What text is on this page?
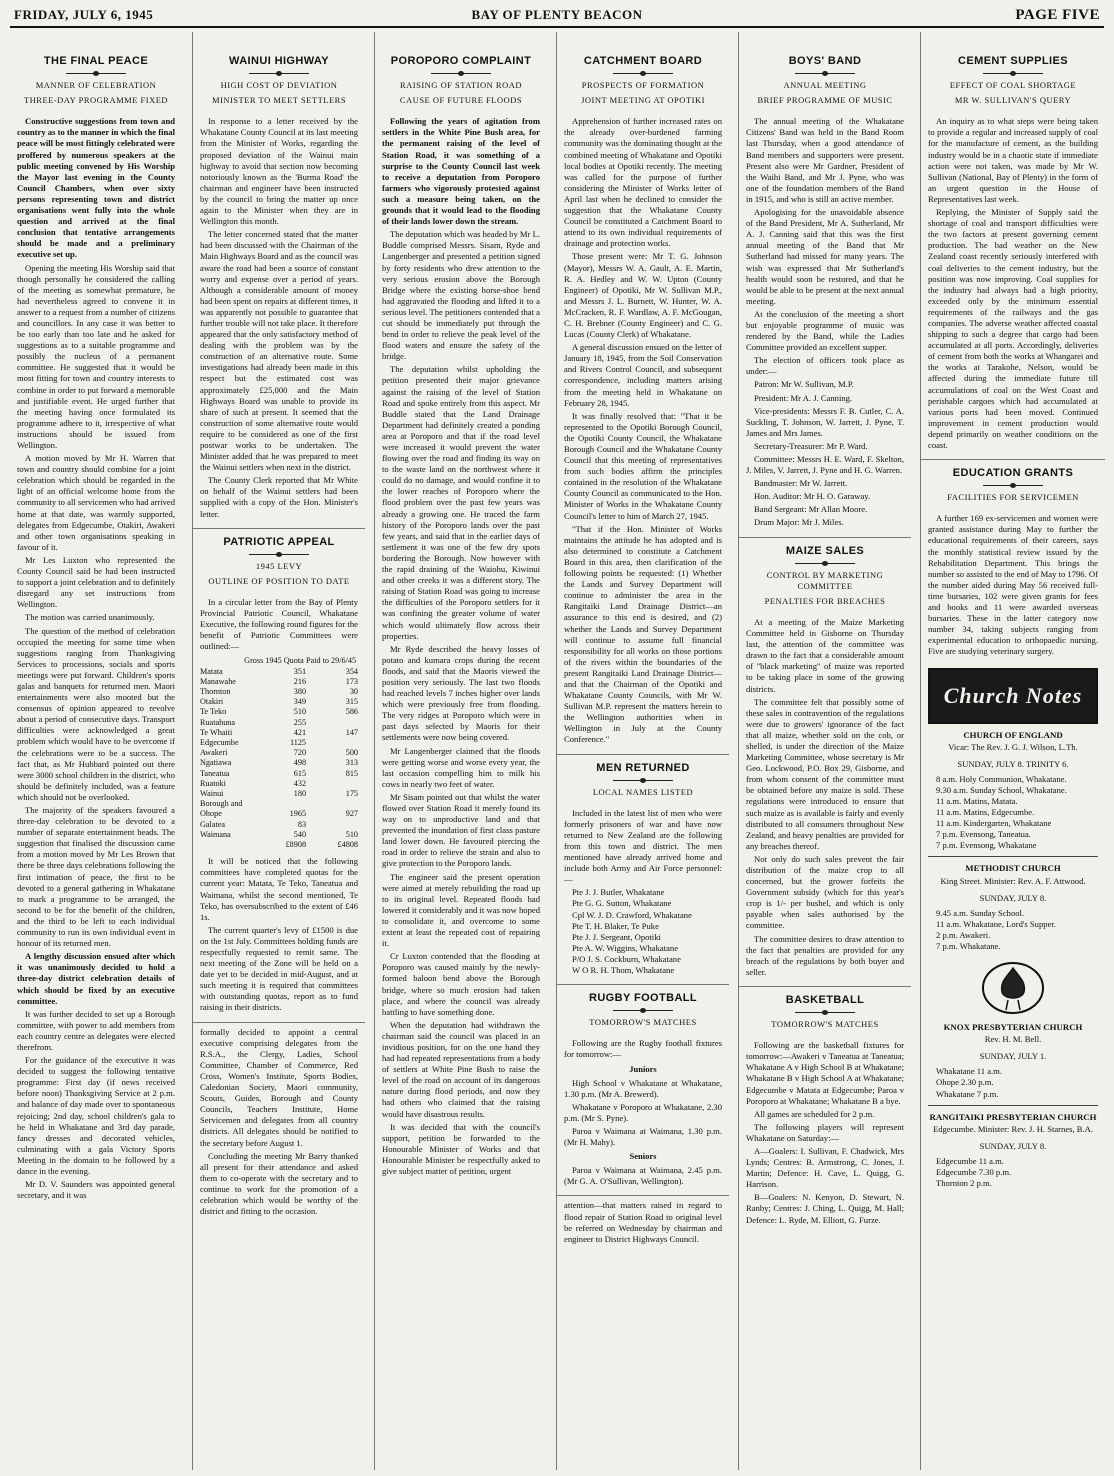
FRIDAY, JULY 6, 1945	BAY OF PLENTY BEACON	PAGE FIVE
THE FINAL PEACE
MANNER OF CELEBRATION
THREE-DAY PROGRAMME FIXED

Constructive suggestions from town and country as to the manner in which the final peace will be most fittingly celebrated were proffered by numerous speakers at the public meeting convened by His Worship the Mayor last evening in the County Council Chambers, when over sixty persons representing town and district organisations went fully into the whole question and arrived at the final conclusion that tentative arrangements should be made and a preliminary executive set up.

Opening the meeting His Worship said that though personally he considered the calling of the meeting as somewhat premature, he had nevertheless agreed to convene it in answer to a request from a number of citizens and councillors. In any case it was better to be too early than too late and he asked for suggestions as to a suitable programme and possibly the nucleus of a permanent committee. He suggested that it would be most fitting for town and country interests to combine in order to put forward a memorable and justifiable event. He urged further that the meeting having once formulated its programme adhere to it, irrespective of what instructions should be issued from Wellington.

A motion moved by Mr H. Warren that town and country should combine for a joint celebration which should be regarded in the light of an official welcome home from the community to all servicemen who had arrived home at that date, was warmly supported, delegates from Edgecumbe, Otakiri, Awakeri and other town organisations speaking in favour of it.

Mr Les Luxton who represented the County Council said he had been instructed to support a joint celebration and to definitely disregard any set instructions from Wellington.

The motion was carried unanimously.

The question of the method of celebration occupied the meeting for some time when suggestions ranging from Thanksgiving Services to processions, socials and sports meetings were put forward. Children's sports galas and banquets for returned men. Maori entertainments were also mooted but the consensus of opinion appeared to revolve about a period of consecutive days. Transport difficulties were acknowledged a great problem which would have to be overcome if the celebrations were to be a success. The fact that, as Mr Hubbard pointed out there were 3000 school children in the district, who should be definitely included, was a feature which should not be overlooked.

The majority of the speakers favoured a three-day celebration to be devoted to a number of separate entertainment heads. The suggestion that finalised the discussion came from a motion moved by Mr Les Brown that there be three days celebrations following the first intimation of peace, the first to be devoted to a general gathering in Whakatane to mark a programme to be arranged, the second to be for the benefit of the children, and the third to be left to each individual community to run its own individual event in honour of its returned men.

A lengthy discussion ensued after which it was unanimously decided to hold a three-day district celebration details of which should be fixed by an executive committee.

It was further decided to set up a Borough committee, with power to add members from each country centre as delegates were elected therefrom.

For the guidance of the executive it was decided to suggest the following tentative programme: First day (if news received before noon) Thanksgiving Service at 2 p.m. and balance of day made over to spontaneous rejoicing; 2nd day, school children's gala to be held in Whakatane and 3rd day parade, fancy dresses and decorated vehicles, culminating with a gala Victory Sports Meeting in the domain to be followed by a dance in the evening.

Mr D. V. Saunders was appointed general secretary, and it was

WAINUI HIGHWAY
HIGH COST OF DEVIATION
MINISTER TO MEET SETTLERS

In response to a letter received by the Whakatane County Council at its last meeting from the Minister of Works, regarding the proposed deviation of the Wainui main highway to avoid that section now becoming notoriously known as the 'Burma Road' the chairman and engineer have been instructed by the council to bring the matter up once again to the Minister when they are in Wellington this month.

The letter concerned stated that the matter had been discussed with the Chairman of the Main Highways Board and as the council was aware the road had been a source of constant worry and expense over a period of years. Although a considerable amount of money had been spent on repairs at different times, it was apparently not possible to guarantee that further trouble will not take place. It therefore appeared that the only satisfactory method of dealing with the problem was by the construction of an alternative route. Some investigations had already been made in this respect but the estimated cost was approximately £25,000 and the Main Highways Board was unable to provide its share of such at present. It seemed that the construction of some alternative route would require to be considered as one of the first postwar works to be undertaken. The Minister added that he was prepared to meet the Wainui settlers when next in the district.

The County Clerk reported that Mr White on behalf of the Wainui settlers had been supplied with a copy of the Hon. Minister's letter.

PATRIOTIC APPEAL
1945 LEVY
OUTLINE OF POSITION TO DATE

In a circular letter from the Bay of Plenty Provincial Patriotic Council, Whakatane Executive, the following round figures for the benefit of Patriotic Committees were outlined:—

	Gross 1945 Quota	Paid to 29/6/45
Matata	351	354
Manawahe	216	173
Thornton	380	30
Otakiri	349	315
Te Teko	510	586
Ruatahuna	255	
Te Whaiti	421	147
Edgecumbe	1125	
Awakeri	720	500
Ngatiawa	498	313
Taneatua	615	815
Ruatoki	432	
Wainui	180	175
Borough and		
Ohope	1965	927
Galatea	83	
Waimana	540	510
	£8908	£4808

It will be noticed that the following committees have completed quotas for the current year: Matata, Te Teko, Taneatua and Waimana, whilst the second mentioned, Te Teko, has oversubscribed to the extent of £46 1s.

The current quarter's levy of £1500 is due on the 1st July. Committees holding funds are respectfully requested to remit same. The next meeting of the Zone will be held on a date yet to be decided in mid-August, and at such meeting it is required that committees with outstanding quotas, report as to fund raising in their districts.

formally decided to appoint a central executive comprising delegates from the R.S.A., the Clergy, Ladies, School Committee, Chamber of Commerce, Red Cross, Women's Institute, Sports Bodies, Caledonian Society, Maori community, Scouts, Guides, Borough and County Councils, Teachers Institute, Home Servicemen and delegates from all country districts. All delegates should be notified to the secretary before August 1.

Concluding the meeting Mr Barry thanked all present for their attendance and asked them to co-operate with the secretary and to continue to work for the promotion of a celebration which would be worthy of the district and fitting to the occasion.

POROPORO COMPLAINT
RAISING OF STATION ROAD
CAUSE OF FUTURE FLOODS

Following the years of agitation from settlers in the White Pine Bush area, for the permanent raising of the level of Station Road, it was something of a surprise to the County Council last week to receive a deputation from Poroporo farmers who vigorously protested against such a measure being taken, on the grounds that it would lead to the flooding of their lands lower down the stream.

The deputation which was headed by Mr L. Buddle comprised Messrs. Sisam, Ryde and Langenberger and presented a petition signed by forty residents who drew attention to the very serious erosion above the Borough Bridge where the existing horse-shoe bend had aggravated the flooding and lifted it to a serious level. The petitioners contended that a cut should be immediately put through the bend in order to relieve the peak level of the flood waters and ensure the safety of the bridge.

The deputation whilst upholding the petition presented their major grievance against the raising of the level of Station Road and spoke entirely from this aspect. Mr Buddle stated that the Land Drainage Department had definitely created a ponding area at Poroporo and that if the road level were increased it would prevent the water flowing over the road and finding its way on to the waste land on the northwest where it could do no damage, and would confine it to the lower reaches of Poroporo where the flood problem over the past few years was already a growing one. He traced the farm history of the Poroporo lands over the past few years, and said that in the earlier days of settlement it was one of the few dry spots bordering the Borough. Now however with the rapid draining of the Waiohu, Kiwinui and other creeks it was a different story. The raising of Station Road was going to increase the difficulties of the Poroporo settlers for it was confining the greater volume of water which would ultimately flow across their properties.

Mr Ryde described the heavy losses of potato and kumara crops during the recent floods, and said that the Maoris viewed the position very seriously. The last two floods had reached levels 7 inches higher over lands which were previously free from flooding. The very ridges at Poroporo which were in past days selected by Maoris for their settlements were now being covered.

Mr Langenberger claimed that the floods were getting worse and worse every year, the last occasion compelling him to milk his cows in nearly two feet of water.

Mr Sisam pointed out that whilst the water flowed over Station Road it merely found its way on to unproductive land and that prevented the inundation of first class pasture land lower down. He favoured piercing the road in order to relieve the strain and also to give protection to the Poroporo lands.

The engineer said the present operation were aimed at merely rebuilding the road up to its original level. Repeated floods had lowered it considerably and it was now hoped to consolidate it, and overcome to some extent at least the repeated cost of repairing it.

Cr Luxton contended that the flooding at Poroporo was caused mainly by the newly-formed baloon bend above the Borough bridge, where so much erosion had taken place, and where the council was already battling to have something done.

When the deputation had withdrawn the chairman said the council was placed in an invidious position, for on the one hand they had had repeated representations from a body of settlers at White Pine Bush to raise the level of the road on account of its dangerous nature during flood periods, and now they had others who claimed that the raising would have disastrous results.

It was decided that with the council's support, petition be forwarded to the Honourable Minister of Works and that Honourable Minister be respectfully asked to give subject matter of petition, urgent

CATCHMENT BOARD
PROSPECTS OF FORMATION
JOINT MEETING AT OPOTIKI

Apprehension of further increased rates on the already over-burdened farming community was the dominating thought at the combined meeting of Whakatane and Opotiki local bodies at Opotiki recently. The meeting was called for the purpose of further considering the Minister of Works letter of April last when he declined to consider the suggestion that the Whakatane County Council be constituted a Catchment Board to attend to its own individual requirements of drainage and protection works.

Those present were: Mr T. G. Johnson (Mayor), Messrs W. A. Gault, A. E. Martin, R. A. Hedley and W. W. Upton (County Engineer) of Opotiki, Mr W. Sullivan M.P., and Messrs J. L. Burnett, W. Hunter, W. A. McCracken, R. F. Wardlaw, A. F. McGougan, C. H. Brebner (County Engineer) and C. G. Lucas (County Clerk) of Whakatane.

A general discussion ensued on the letter of January 18, 1945, from the Soil Conservation and Rivers Control Council, and subsequent correspondence, including matters arising from the meeting held in Whakatane on February 28, 1945.

It was finally resolved that: "That it be represented to the Opotiki Borough Council, the Opotiki County Council, the Whakatane Borough Council and the Whakatane County Council that this meeting of representatives from such bodies affirm the principles contained in the resolution of the Whakatane County Council as communicated to the Hon. Minister of Works in the Whakatane County Council's letter to him of March 27, 1945.

"That if the Hon. Minister of Works maintains the attitude he has adopted and is also determined to constitute a Catchment Board in this area, then clarification of the following points be requested: (1) Whether the Lands and Survey Department will continue to administer the area in the Rangitaiki Land Drainage District—an assurance to this end is desired, and (2) whether the Lands and Survey Department will continue to assume full financial responsibility for all works on those portions of the rivers within the boundaries of the present Rangitaiki Land Drainage District—and that the Chairman of the Opotiki and Whakatane County Councils, with Mr W. Sullivan M.P. represent the matters herein to the Wellington authorities when in Wellington in July at the County Conference."

MEN RETURNED
LOCAL NAMES LISTED

Included in the latest list of men who were formerly prisoners of war and have now returned to New Zealand are the following from this town and district. The men mentioned have already arrived home and include both Army and Air Force personnel:—

Pte J. J. Butler, Whakatane
Pte G. G. Sutton, Whakatane
Cpl W. J. D. Crawford, Whakatane
Pte T. H. Blaker, Te Puke
Pte J. J. Sergeant, Opotiki
Pte A. W. Wiggins, Whakatane
P/O J. S. Cockburn, Whakatane
W O R. H. Thom, Whakatane
RUGBY FOOTBALL
TOMORROW'S MATCHES

Following are the Rugby football fixtures for tomorrow:—

Juniors

High School v Whakatane at Whakatane, 1.30 p.m. (Mr A. Brewerd).

Whakatane v Poroporo at Whakatane, 2.30 p.m. (Mr S. Pyne).

Paroa v Waimana at Waimana, 1.30 p.m. (Mr H. Mahy).

Seniors

Paroa v Waimana at Waimana, 2.45 p.m. (Mr G. A. O'Sullivan, Wellington).

attention—that matters raised in regard to flood repair of Station Road to original level be referred on Wednesday by chairman and engineer to District Highways Council.

BOYS' BAND
ANNUAL MEETING
BRIEF PROGRAMME OF MUSIC

The annual meeting of the Whakatane Citizens' Band was held in the Band Room last Thursday, when a good attendance of Band members and supporters were present. Present also were Mr Gardner, President of the Waihi Band, and Mr J. Pyne, who was one of the foundation members of the Band in 1915, and who is still an active member.

Apologising for the unavoidable absence of the Band President, Mr A. Sutherland, Mr A. J. Canning said that this was the first annual meeting of the Band that Mr Sutherland had missed for many years. The wish was expressed that Mr Sutherland's health would soon be restored, and that he would be able to be present at the next annual meeting.

At the conclusion of the meeting a short but enjoyable programme of music was rendered by the Band, while the Ladies Committee provided an excellent supper.

The election of officers took place as under:—

Patron: Mr W. Sullivan, M.P.

President: Mr A. J. Canning.

Vice-presidents: Messrs F. B. Cutler, C. A. Suckling, T. Johnson, W. Jarrett, J. Pyne, T. James and Mrs James.

Secretary-Treasurer: Mr P. Ward.

Committee: Messrs H. E. Ward, F. Skelton, J. Miles, V. Jarrett, J. Pyne and H. G. Warren.

Bandmaster: Mr W. Jarrett.

Hon. Auditor: Mr H. O. Garaway.

Band Sergeant: Mr Allan Moore.

Drum Major: Mr J. Miles.

MAIZE SALES
CONTROL BY MARKETING COMMITTEE
PENALTIES FOR BREACHES

At a meeting of the Maize Marketing Committee held in Gisborne on Thursday last, the attention of the committee was drawn to the fact that a considerable amount of "black marketing" of maize was reported to be taking place in some of the growing districts.

The committee felt that possibly some of these sales in contravention of the regulations were due to growers' ignorance of the fact that all maize, whether sold on the cob, or shelled, is under the direction of the Maize Marketing Committee, whose secretary is Mr Geo. Lockwood, P.O. Box 29, Gisborne, and from whom consent of the committee must be obtained before any maize is sold. These regulations were introduced to ensure that such maize as is available is fairly and evenly distributed to all consumers throughout New Zealand, and heavy penalties are provided for any breaches thereof.

Not only do such sales prevent the fair distribution of the maize crop to all concerned, but the grower forfeits the Government subsidy (which for this year's crop is 1/- per bushel, and which is only payable when sales authorised by the committee.

The committee desires to draw attention to the fact that penalties are provided for any breach of the regulations by both buyer and seller.

BASKETBALL
TOMORROW'S MATCHES

Following are the basketball fixtures for tomorrow:—Awakeri v Taneatua at Taneatua; Whakatane A v High School B at Whakatane; Whakatane B v High School A at Whakatane; Edgecumbe v Matata at Edgecumbe; Paroa v Poroporo at Whakatane; Whakatane B a bye.

All games are scheduled for 2 p.m.

The following players will represent Whakatane on Saturday:—

A—Goalers: I. Sullivan, F. Chadwick, Mrs Lynds; Centres: B. Armstrong, C. Jones, J. Martin; Defence: H. Cave, L. Quigg, G. Harrison.

B—Goalers: N. Kenyon, D. Stewart, N. Ranby; Centres: J. Ching, L. Quigg, M. Hall; Defence: L. Ryde, M. Elliott, G. Furze.

CEMENT SUPPLIES
EFFECT OF COAL SHORTAGE
MR W. SULLIVAN'S QUERY

An inquiry as to what steps were being taken to provide a regular and increased supply of coal for the manufacture of cement, as the building industry would be in a chaotic state if immediate action were not taken, was made by Mr W. Sullivan (National, Bay of Plenty) in the form of an urgent question in the House of Representatives last week.

Replying, the Minister of Supply said the shortage of coal and transport difficulties were the two factors at present governing cement production. The bad weather on the New Zealand coast recently seriously interfered with coal deliveries to the cement industry, but the position was now improving. Coal supplies for the industry had always had a high priority, exceeded only by the minimum essential requirements of the railways and the gas companies. The adverse weather affected coastal shipping to such a degree that cargo had been accumulated at all ports. Accordingly, deliveries of cement from both the works at Whangarei and the works at Tarakohe, Nelson, would be affected during the immediate future till accumulations of coal on the West Coast and perishable cargoes which had accumulated at various ports had been moved. Continued improvement in cement production would depend primarily on weather conditions on the coast.

EDUCATION GRANTS
FACILITIES FOR SERVICEMEN

A further 169 ex-servicemen and women were granted assistance during May to further the educational requirements of their careers, says the monthly statistical review issued by the Rehabilitation Department. This brings the number so assisted to the end of May to 1796. Of the number aided during May 56 received full-time bursaries, 102 were given grants for fees and books and 11 were awarded overseas bursaries. These in the latter category now number 34, taking subjects ranging from experimental education to orthopaedic nursing. Five are studying veterinary surgery.

Church Notes
CHURCH OF ENGLAND
Vicar: The Rev. J. G. J. Wilson, L.Th.
SUNDAY, JULY 8. TRINITY 6.
8 a.m. Holy Communion, Whakatane.
9.30 a.m. Sunday School, Whakatane.
11 a.m. Matins, Matata.
11 a.m. Matins, Edgecumbe.
11 a.m. Kindergarten, Whakatane
7 p.m. Evensong, Taneatua.
7 p.m. Evensong, Whakatane
METHODIST CHURCH
King Street. Minister: Rev. A. F. Attwood.
SUNDAY, JULY 8.
9.45 a.m. Sunday School.
11 a.m. Whakatane, Lord's Supper.
2 p.m. Awakeri.
7 p.m. Whakatane.
KNOX PRESBYTERIAN CHURCH
Rev. H. M. Bell.
SUNDAY, JULY 1.
Whakatane 11 a.m.
Ohope 2.30 p.m.
Whakatane 7 p.m.
RANGITAIKI PRESBYTERIAN CHURCH
Edgecumbe. Minister: Rev. J. H. Starnes, B.A.
SUNDAY, JULY 8.
Edgecumbe 11 a.m.
Edgecumbe 7.30 p.m.
Thornton 2 p.m.
